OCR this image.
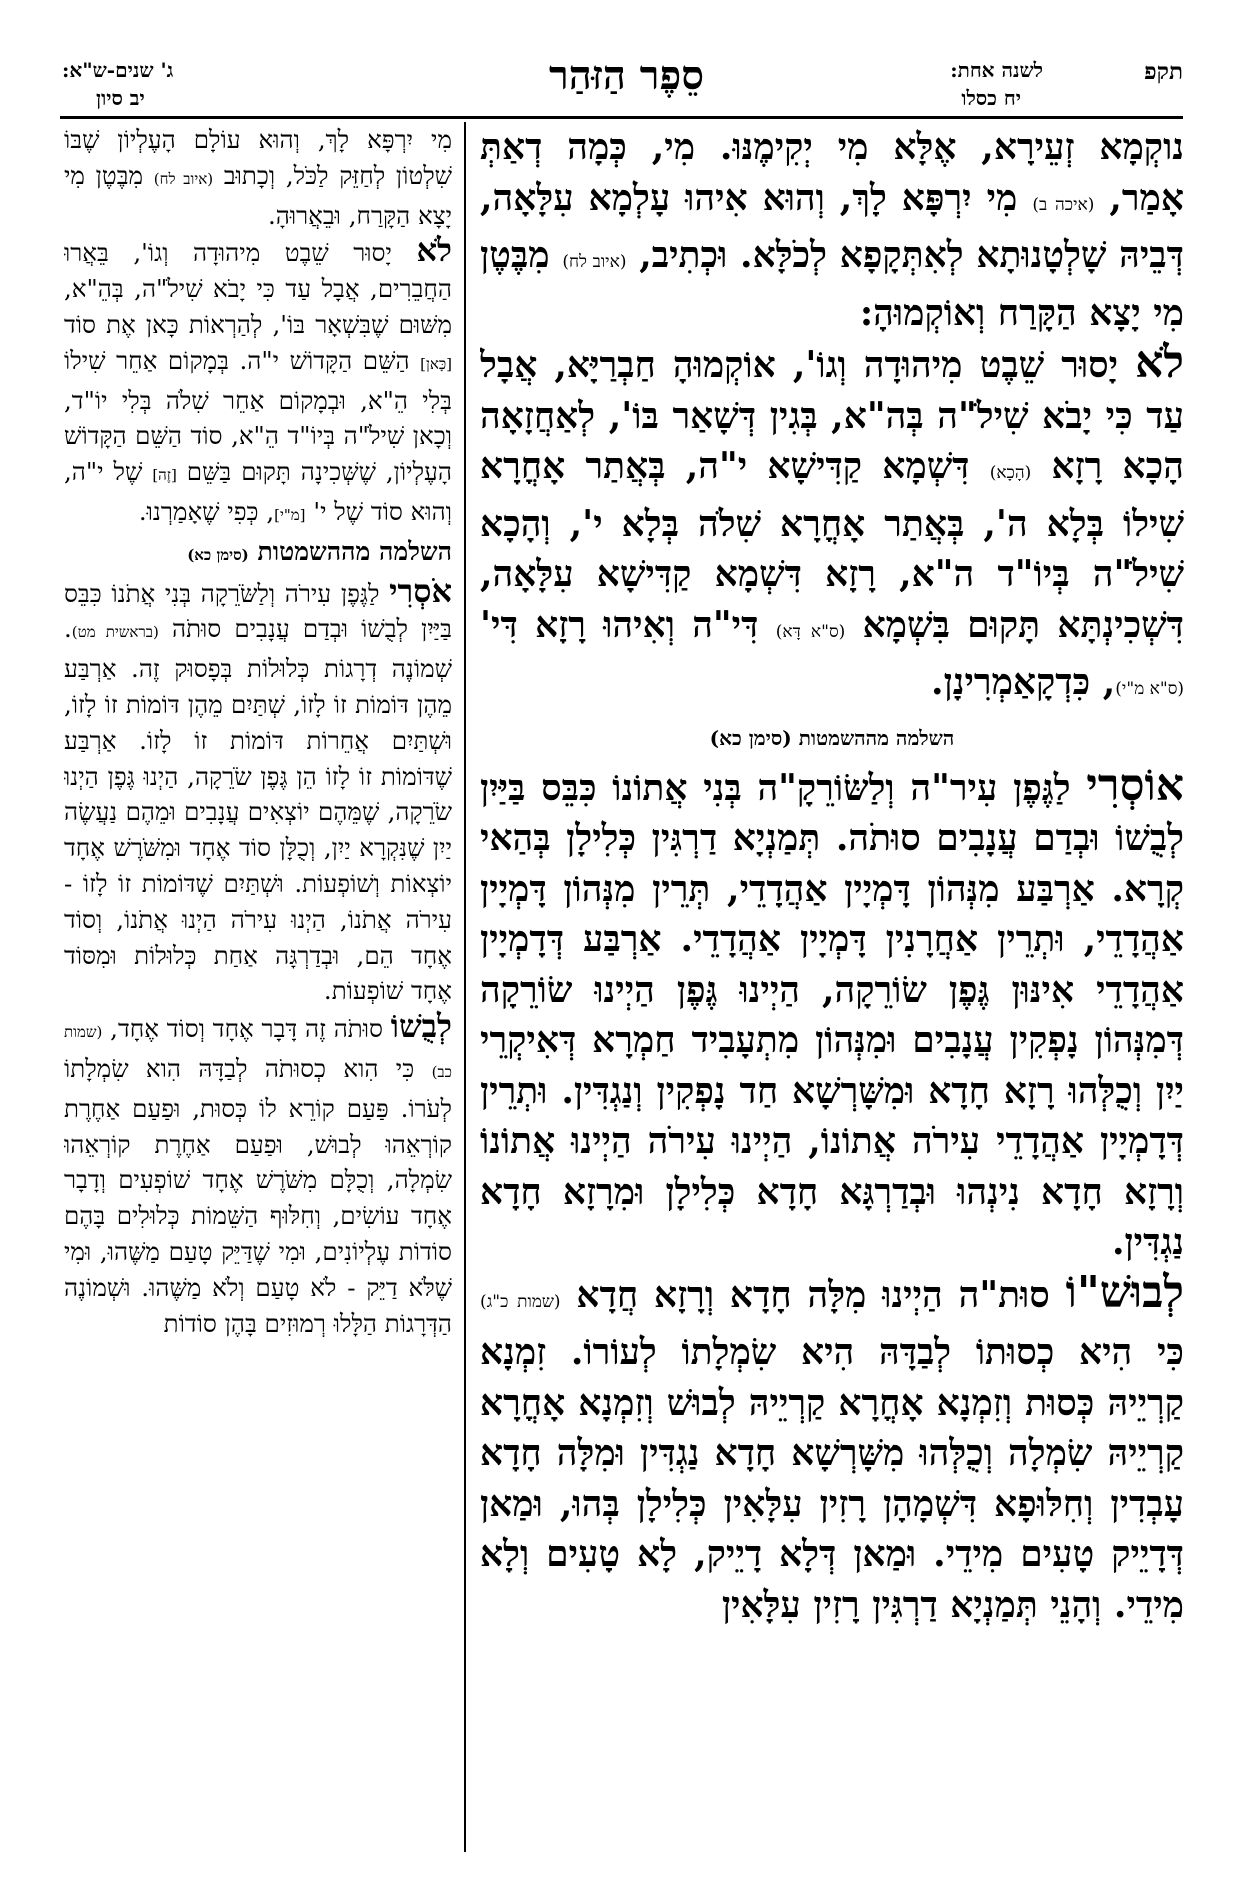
תקפ
לשנה אחת:
יח כסלו
סֵפֶר הַזּהַר
ג' שנים-ש"א:
יב סיון

נוקְמָא זְעֵירָא, אֶלָּא מִי יְקִימֶנּוּ. מִי, כְּמָה דְאַתְּ אָמַר, (איכה ב) מִי יִרְפָּא לָךְ, וְהוּא אִיהוּ עָלְמָא עִלָּאָה, דְּבֵיהּ שָׁלְטָנוּתָא לְאִתְּקָפָא לְכֹלָּא. וּכְתִיב, (איוב לח) מִבֶּטֶן מִי יָצָא הַקָּרַח וְאוֹקְמוּהָ:

לֹא יָסוּר שֵׁבֶט מִיהוּדָה וְגוֹ', אוֹקְמוּהָ חַבְרַיָּא, אֲבָל עַד כִּי יָבֹא שִׁילֹ"ה בְּה"א, בְּגִין דְּשָׁאַר בּוֹ', לְאַחֲזָאָה הָכָא רָזָא (הָכָא) דִּשְׁמָא קַדִּישָׁא י"ה, בְּאֲתַר אָחֳרָא שִׁילוֹ בְּלָא ה', בְּאֲתַר אָחֳרָא שִׁלֹה בְּלָא י', וְהָכָא שִׁילֹ"ה בְּיוֹ"ד ה"א, רָזָא דִּשְׁמָא קַדִּישָׁא עִלָּאָה, דִּשְׁכִינְתָּא תָּקוּם בִּשְׁמָא (ס"א דָּא) דִּי"ה וְאִיהוּ רָזָא דִּי' (ס"א מ"י), כִּדְקָאַמְרִינָן.

השלמה מההשמטות (סימן כא)

אוֹסְרִי לַגֶּפֶן עִיר"ה וְלַשּׂוֹרֵקָ"ה בְּנִי אֲתוֹנוֹ כִּבֵּס בַּיַּיִן לְבֻשׁוֹ וּבְדַם עֲנָבִים סוּתֹה. תְּמַנְיָא דַרְגִּין כְּלִילָן בְּהַאי קְרָא. אַרְבַּע מִנְּהוֹן דָּמְיָין אַהֲדָדֵי, תְּרֵין מִנְּהוֹן דָּמְיָין אַהֲדָדֵי, וּתְרֵין אַחֲרָנִין דָּמְיָין אַהֲדָדֵי. אַרְבַּע דְּדָמְיָין אַהֲדָדֵי אִינּוּן גֶּפֶן שׂוֹרֵקָה, הַיְינוּ גֶּפֶן הַיְינוּ שׂוֹרֵקָה דְּמִנְּהוֹן נָפְקִין עֲנָבִים וּמִנְּהוֹן מִתְעָבִיד חַמְרָא דְּאִיקְרֵי יַיִן וְכֻלְּהוּ רָזָא חָדָא וּמִשָּׁרְשָׁא חַד נָפְקִין וְנַגְדִּין. וּתְרֵין דְּדָמְיָין אַהֲדָדֵי עִירֹה אֲתוֹנוֹ, הַיְינוּ עִירֹה הַיְינוּ אֲתוֹנוֹ וְרָזָא חָדָא נִינְהוּ וּבְדַרְגָּא חָדָא כְּלִילָן וּמִרָזָא חָדָא נַגְדִּין.

לְבוּשׁ"וֹ סוּת"ה הַיְינוּ מִלָּה חָדָא וְרָזָא חֲדָא (שמות כ"ג) כִּי הִיא כְסוּתוֹ לְבַדָּהּ הִיא שִׂמְלָתוֹ לְעוֹרוֹ. זִמְנָא קַרְיֵיהּ כְּסוּת וְזִמְנָא אָחֳרָא קַרְיֵיהּ לְבוּשׁ וְזִמְנָא אָחֳרָא קַרְיֵיהּ שִׂמְלָה וְכֻלְּהוּ מִשָּׁרְשָׁא חָדָא נַגְדִּין וּמִלָּה חָדָא עָבְדִין וְחִלּוּפָא דִּשְׁמָהָן רָזִין עִלָּאִין כְּלִילָן בְּהוּ, וּמַאן דְּדָיֵיק טָעִים מִידֵי. וּמַאן דְּלָא דָיֵיק, לָא טָעִים וְלָא מִידֵי. וְהָנֵי תְּמַנְיָא דַרְגִּין רָזִין עִלָּאִין

מִי יִרְפָּא לָךְ, וְהוּא עוֹלָם הָעֶלְיוֹן שֶׁבּוֹ שִׁלְטוֹן לְחַזֵּק לַכֹּל, וְכָתוּב (איוב לח) מִבֶּטֶן מִי יָצָא הַקָּרַח, וּבֵאֲרוּהָ.

לֹא יָסוּר שֵׁבֶט מִיהוּדָה וְגוֹ', בֵּאֲרוּ הַחֲבֵרִים, אֲבָל עַד כִּי יָבֹא שִׁילֹ"ה, בְּהֵ"א, מִשּׁוּם שֶׁבִּשְׁאָר בּוֹ', לְהַרְאוֹת כָּאן אֶת סוֹד [כָּאן] הַשֵּׁם הַקָּדוֹשׁ י"ה. בְּמָקוֹם אַחֵר שִׁילוֹ בְּלִי הֵ"א, וּבְמָקוֹם אַחֵר שִׁלֹה בְּלִי יוֹ"ד, וְכָאן שִׁילֹ"ה בְּיוֹ"ד הֵ"א, סוֹד הַשֵּׁם הַקָּדוֹשׁ הָעֶלְיוֹן, שֶׁשְּׁכִינָה תָּקוּם בַּשֵּׁם [זֶה] שֶׁל י"ה, וְהוּא סוֹד שֶׁל י' [מ"י], כְּפִי שֶׁאָמַרְנוּ.

השלמה מההשמטות (סימן כא)

אֹסְרִי לַגֶּפֶן עִירֹה וְלַשֹּׂרֵקָה בְּנִי אֲתֹנוֹ כִּבֵּס בַּיַּיִן לְבֻשׁוֹ וּבְדַם עֲנָבִים סוּתֹה (בראשית מט). שְׁמוֹנֶה דְרָגוֹת כְּלוּלוֹת בְּפָסוּק זֶה. אַרְבַּע מֵהֶן דּוֹמוֹת זוֹ לָזוֹ, שְׁתַּיִם מֵהֶן דּוֹמוֹת זוֹ לָזוֹ, וּשְׁתַּיִם אֲחֵרוֹת דּוֹמוֹת זוֹ לָזוֹ. אַרְבַּע שֶׁדּוֹמוֹת זוֹ לָזוֹ הֵן גֶּפֶן שֹׂרֵקָה, הַיְנוּ גֶּפֶן הַיְנוּ שֹׂרֵקָה, שֶׁמֵּהֶם יוֹצְאִים עֲנָבִים וּמֵהֶם נַעֲשֶׂה יַיִן שֶׁנִּקְרָא יַיִן, וְכֻלָּן סוֹד אֶחָד וּמִשֹּׁרֶשׁ אֶחָד יוֹצְאוֹת וְשׁוֹפְעוֹת. וּשְׁתַּיִם שֶׁדּוֹמוֹת זוֹ לָזוֹ - עִירֹה אֲתֹנוֹ, הַיְנוּ עִירֹה הַיְנוּ אֲתֹנוֹ, וְסוֹד אֶחָד הֵם, וּבְדַרְגָּה אַחַת כְּלוּלוֹת וּמִסּוֹד אֶחָד שׁוֹפְעוֹת.

לְבֻשׁוֹ סוּתֹה זֶה דָּבָר אֶחָד וְסוֹד אֶחָד, (שמות כב) כִּי הִוא כְסוּתֹה לְבַדָּהּ הִוא שִׂמְלָתוֹ לְעֹרוֹ. פַּעַם קוֹרֵא לוֹ כְּסוּת, וּפַעַם אַחֶרֶת קוֹרְאֵהוּ לְבוּשׁ, וּפַעַם אַחֶרֶת קוֹרְאֵהוּ שִׂמְלָה, וְכֻלָּם מִשֹּׁרֶשׁ אֶחָד שׁוֹפְעִים וְדָבָר אֶחָד עוֹשִׂים, וְחִלּוּף הַשֵּׁמוֹת כְּלוּלִים בָּהֶם סוֹדוֹת עֶלְיוֹנִים, וּמִי שֶׁדַּיֵּק טָעַם מַשֶּׁהוּ, וּמִי שֶׁלֹּא דַיֵּק - לֹא טָעַם וְלֹא מַשֶּׁהוּ. וּשְׁמוֹנֶה הַדְּרָגוֹת הַלָּלוּ רְמוּזִים בָּהֶן סוֹדוֹת
